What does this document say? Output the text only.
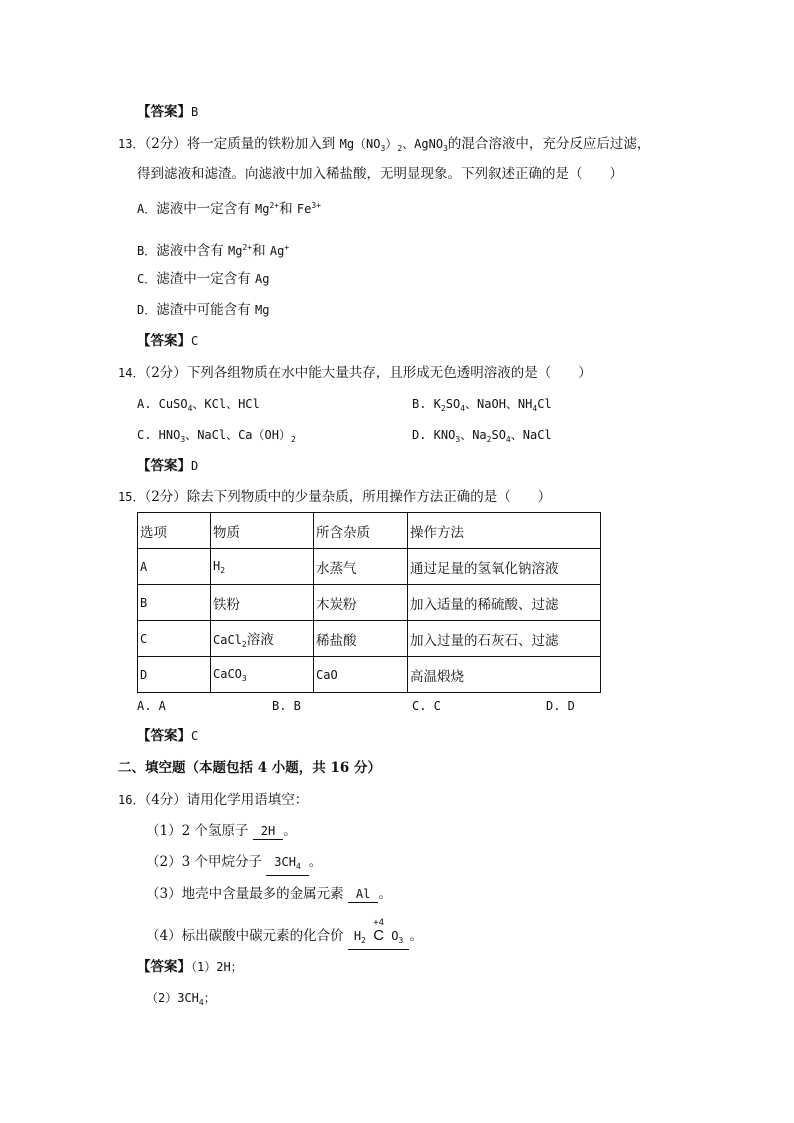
【答案】B
13．（2分）将一定质量的铁粉加入到 $Mg(NO_3)_2$、AgNO$_3$的混合溶液中，充分反应后过滤，
得到滤液和滤渣。向滤液中加入稀盐酸，无明显现象。下列叙述正确的是（　　）
A．滤液中一定含有 $Mg^{2+}$和 $Fe^{3+}$
B．滤液中含有 $Mg^{2+}$和 Ag+
C．滤渣中一定含有 Ag
D．滤渣中可能含有 Mg
【答案】C
14．（2分）下列各组物质在水中能大量共存，且形成无色透明溶液的是（　　）
A. CuSO$_4$、KCl、HCl	B. $K_2SO_4$、NaOH、$NH_4Cl$
C. $HNO_3$、NaCl、$Ca(OH)_2$	D. $KNO_3$、$Na_2SO_4$、NaCl
【答案】D
15．（2分）除去下列物质中的少量杂质，所用操作方法正确的是（　　）
选项	物质	所含杂质	操作方法
A	$H_2$	水蒸气	通过足量的氢氧化钠溶液
B	铁粉	木炭粉	加入适量的稀硫酸、过滤
C	CaCl$_2$溶液	稀盐酸	加入过量的石灰石、过滤
D	CaCO$_3$	CaO	高温煅烧
A. A	B. B	C. C	D. D
【答案】C
二、填空题（本题包括 4 小题，共 16 分）
16．（4分）请用化学用语填空：
（1）2 个氢原子 2H 。
（2）3 个甲烷分子 $3CH_4$ 。
（3）地壳中含量最多的金属元素 Al 。
（4）标出碳酸中碳元素的化合价 $H_2$
+4
C $O_3$ 。
【答案】（1）2H；
$(2)3CH_4$；
